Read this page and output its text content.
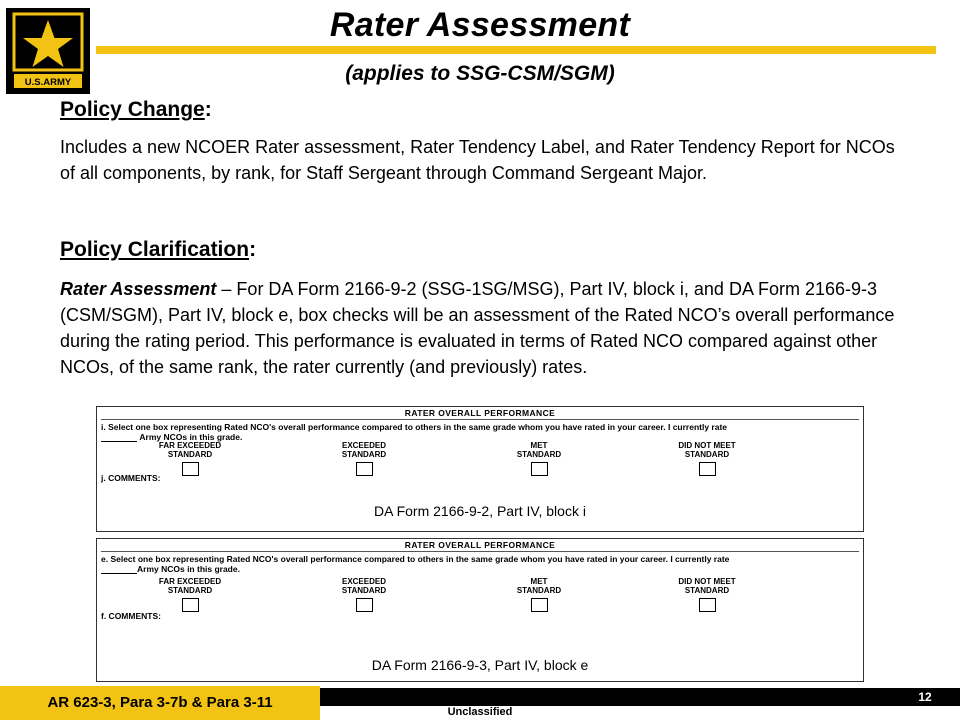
U.S.ARMY
Rater Assessment
(applies to SSG-CSM/SGM)
Policy Change:
Includes a new NCOER Rater assessment, Rater Tendency Label, and Rater Tendency Report for NCOs of all components, by rank, for Staff Sergeant through Command Sergeant Major.
Policy Clarification:
Rater Assessment – For DA Form 2166-9-2 (SSG-1SG/MSG), Part IV, block i, and DA Form 2166-9-3 (CSM/SGM), Part IV, block e, box checks will be an assessment of the Rated NCO’s overall performance during the rating period. This performance is evaluated in terms of Rated NCO compared against other NCOs, of the same rank, the rater currently (and previously) rates.
RATER OVERALL PERFORMANCE
i. Select one box representing Rated NCO's overall performance compared to others in the same grade whom you have rated in your career. I currently rate
Army NCOs in this grade.
FAR EXCEEDED
STANDARD
EXCEEDED
STANDARD
MET
STANDARD
DID NOT MEET
STANDARD
j. COMMENTS:
DA Form 2166-9-2, Part IV, block i
RATER OVERALL PERFORMANCE
e. Select one box representing Rated NCO's overall performance compared to others in the same grade whom you have rated in your career. I currently rate
Army NCOs in this grade.
FAR EXCEEDED
STANDARD
EXCEEDED
STANDARD
MET
STANDARD
DID NOT MEET
STANDARD
f. COMMENTS:
DA Form 2166-9-3, Part IV, block e
AR 623-3, Para 3-7b & Para 3-11	12
Unclassified
